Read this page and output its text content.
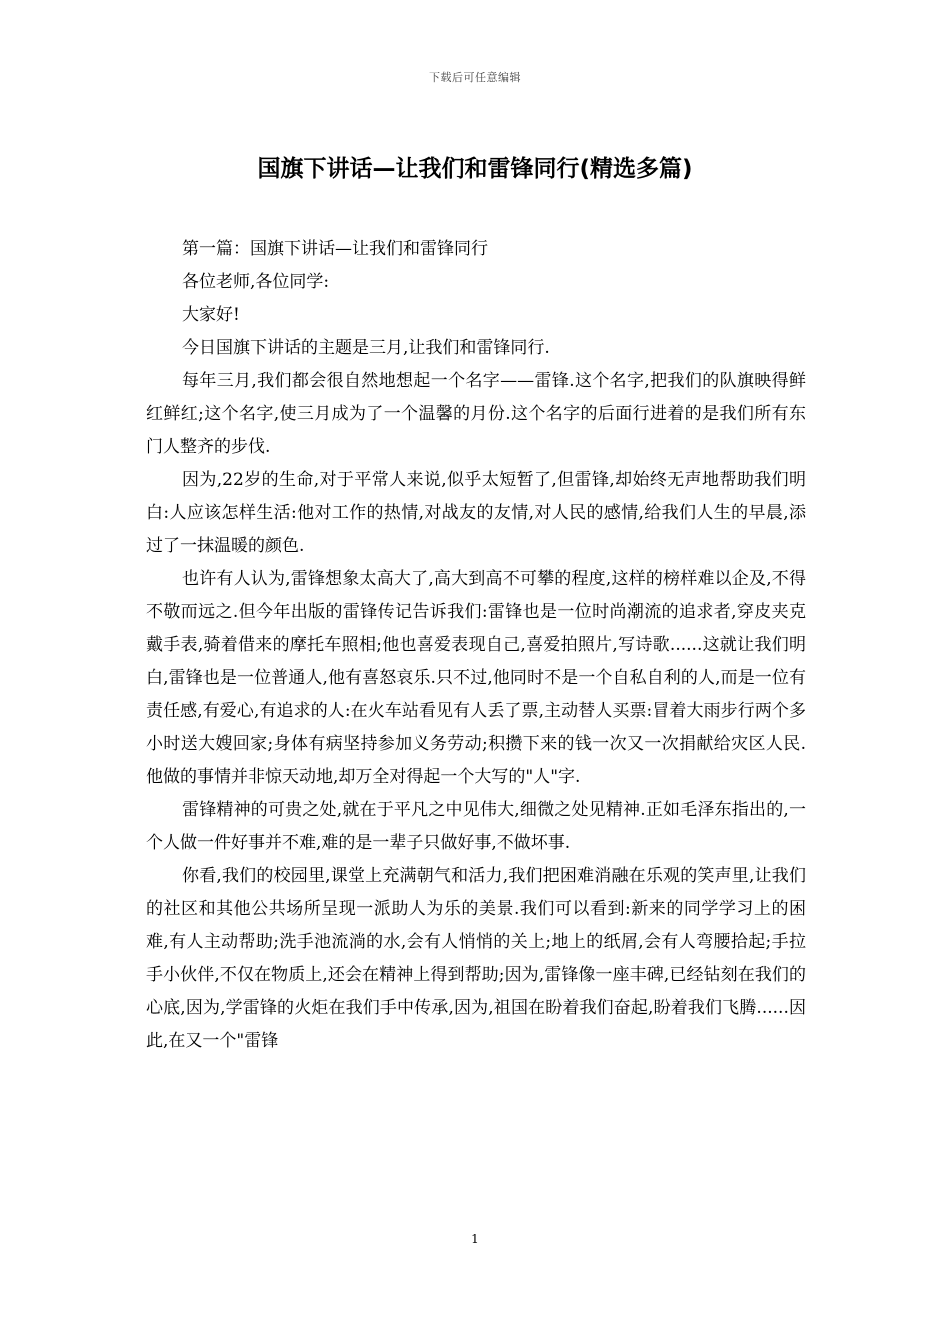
下载后可任意编辑
国旗下讲话—让我们和雷锋同行(精选多篇)

第一篇：国旗下讲话—让我们和雷锋同行

各位老师,各位同学:

大家好!

今日国旗下讲话的主题是三月,让我们和雷锋同行.

每年三月,我们都会很自然地想起一个名字——雷锋.这个名字,把我们的队旗映得鲜红鲜红;这个名字,使三月成为了一个温馨的月份.这个名字的后面行进着的是我们所有东门人整齐的步伐.

因为,22岁的生命,对于平常人来说,似乎太短暂了,但雷锋,却始终无声地帮助我们明白:人应该怎样生活:他对工作的热情,对战友的友情,对人民的感情,给我们人生的早晨,添过了一抹温暖的颜色.

也许有人认为,雷锋想象太高大了,高大到高不可攀的程度,这样的榜样难以企及,不得不敬而远之.但今年出版的雷锋传记告诉我们:雷锋也是一位时尚潮流的追求者,穿皮夹克戴手表,骑着借来的摩托车照相;他也喜爱表现自己,喜爱拍照片,写诗歌......这就让我们明白,雷锋也是一位普通人,他有喜怒哀乐.只不过,他同时不是一个自私自利的人,而是一位有责任感,有爱心,有追求的人:在火车站看见有人丢了票,主动替人买票:冒着大雨步行两个多小时送大嫂回家;身体有病坚持参加义务劳动;积攒下来的钱一次又一次捐献给灾区人民.他做的事情并非惊天动地,却万全对得起一个大写的"人"字.

雷锋精神的可贵之处,就在于平凡之中见伟大,细微之处见精神.正如毛泽东指出的,一个人做一件好事并不难,难的是一辈子只做好事,不做坏事.

你看,我们的校园里,课堂上充满朝气和活力,我们把困难消融在乐观的笑声里,让我们的社区和其他公共场所呈现一派助人为乐的美景.我们可以看到:新来的同学学习上的困难,有人主动帮助;洗手池流淌的水,会有人悄悄的关上;地上的纸屑,会有人弯腰拾起;手拉手小伙伴,不仅在物质上,还会在精神上得到帮助;因为,雷锋像一座丰碑,已经钻刻在我们的心底,因为,学雷锋的火炬在我们手中传承,因为,祖国在盼着我们奋起,盼着我们飞腾......因此,在又一个"雷锋

1
